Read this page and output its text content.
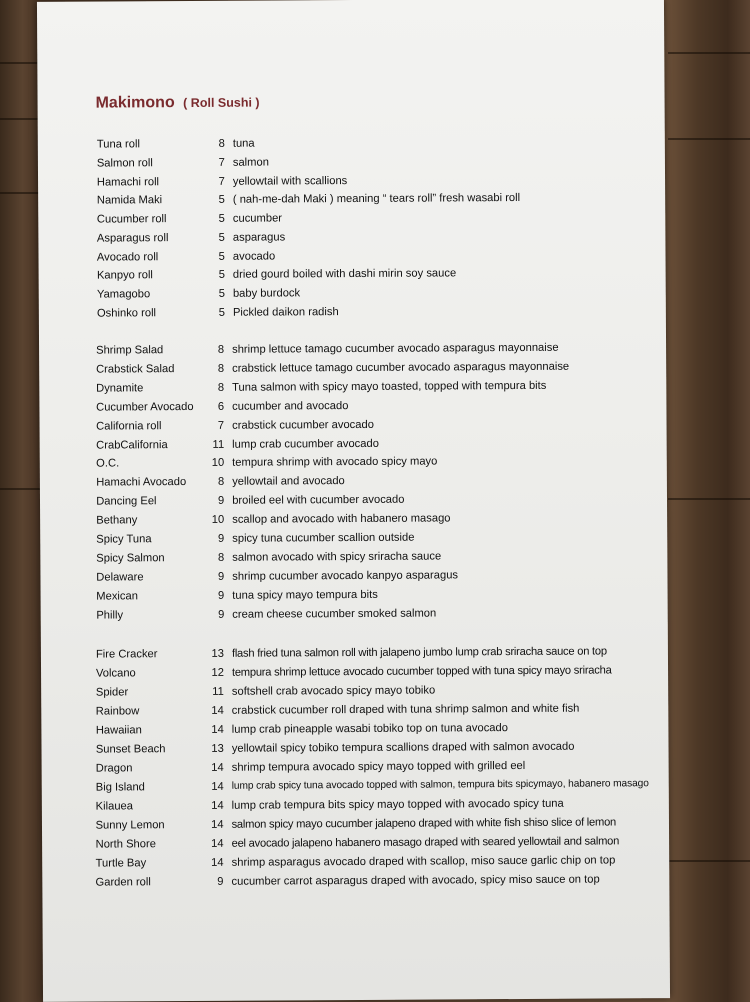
Makimono ( Roll Sushi )
Tuna roll	8 tuna
Salmon roll	7 salmon
Hamachi roll	7 yellowtail with scallions
Namida Maki	5 ( nah-me-dah Maki ) meaning “ tears roll” fresh wasabi roll
Cucumber roll	5 cucumber
Asparagus roll	5 asparagus
Avocado roll	5 avocado
Kanpyo roll	5 dried gourd boiled with dashi mirin soy sauce
Yamagobo	5 baby burdock
Oshinko roll	5 Pickled daikon radish
Shrimp Salad	8 shrimp lettuce tamago cucumber avocado asparagus mayonnaise
Crabstick Salad	8 crabstick lettuce tamago cucumber avocado asparagus mayonnaise
Dynamite	8 Tuna salmon with spicy mayo toasted, topped with tempura bits
Cucumber Avocado	6 cucumber and avocado
California roll	7 crabstick cucumber avocado
CrabCalifornia	11 lump crab cucumber avocado
O.C.	10 tempura shrimp with avocado spicy mayo
Hamachi Avocado	8 yellowtail and avocado
Dancing Eel	9 broiled eel with cucumber avocado
Bethany	10 scallop and avocado with habanero masago
Spicy Tuna	9 spicy tuna cucumber scallion outside
Spicy Salmon	8 salmon avocado with spicy sriracha sauce
Delaware	9 shrimp cucumber avocado kanpyo asparagus
Mexican	9 tuna spicy mayo tempura bits
Philly	9 cream cheese cucumber smoked salmon
Fire Cracker	13 flash fried tuna salmon roll with jalapeno jumbo lump crab sriracha sauce on top
Volcano	12 tempura shrimp lettuce avocado cucumber topped with tuna spicy mayo sriracha
Spider	11 softshell crab avocado spicy mayo tobiko
Rainbow	14 crabstick cucumber roll draped with tuna shrimp salmon and white fish
Hawaiian	14 lump crab pineapple wasabi tobiko top on tuna avocado
Sunset Beach	13 yellowtail spicy tobiko tempura scallions draped with salmon avocado
Dragon	14 shrimp tempura avocado spicy mayo topped with grilled eel
Big Island	14 lump crab spicy tuna avocado topped with salmon, tempura bits spicymayo, habanero masago
Kilauea	14 lump crab tempura bits spicy mayo topped with avocado spicy tuna
Sunny Lemon	14 salmon spicy mayo cucumber jalapeno draped with white fish shiso slice of lemon
North Shore	14 eel avocado jalapeno habanero masago draped with seared yellowtail and salmon
Turtle Bay	14 shrimp asparagus avocado draped with scallop, miso sauce garlic chip on top
Garden roll	9 cucumber carrot asparagus draped with avocado, spicy miso sauce on top
